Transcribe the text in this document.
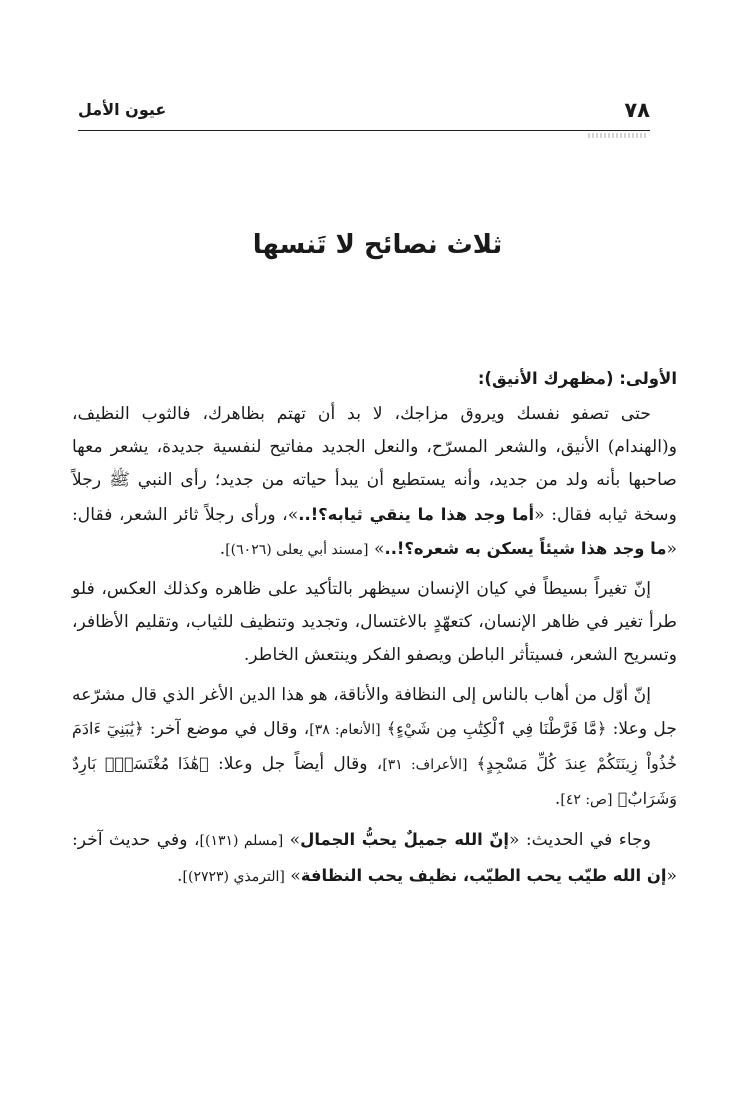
٧٨
عيون الأمل
ثلاث نصائح لا تَنسها
الأولى: (مظهرك الأنيق):

حتى تصفو نفسك ويروق مزاجك، لا بد أن تهتم بظاهرك، فالثوب النظيف، و(الهندام) الأنيق، والشعر المسرّح، والنعل الجديد مفاتيح لنفسية جديدة، يشعر معها صاحبها بأنه ولد من جديد، وأنه يستطيع أن يبدأ حياته من جديد؛ رأى النبي ﷺ رجلاً وسخة ثيابه فقال: «أما وجد هذا ما ينقي ثيابه؟!..»، ورأى رجلاً ثائر الشعر، فقال: «ما وجد هذا شيئاً يسكن به شعره؟!..» [مسند أبي يعلى (٦٠٢٦)].

إنّ تغيراً بسيطاً في كيان الإنسان سيظهر بالتأكيد على ظاهره وكذلك العكس، فلو طرأ تغير في ظاهر الإنسان، كتعهّدٍ بالاغتسال، وتجديد وتنظيف للثياب، وتقليم الأظافر، وتسريح الشعر، فسيتأثر الباطن ويصفو الفكر وينتعش الخاطر.

إنّ أوّل من أهاب بالناس إلى النظافة والأناقة، هو هذا الدين الأغر الذي قال مشرّعه جل وعلا: ﴿مَّا فَرَّطْنَا فِي ٱلْكِتَٰبِ مِن شَيْءٍ﴾ [الأنعام: ٣٨]، وقال في موضع آخر: ﴿يَٰبَنِيٓ ءَادَمَ خُذُواْ زِينَتَكُمْ عِندَ كُلِّ مَسْجِدٍ﴾ [الأعراف: ٣١]، وقال أيضاً جل وعلا: ﴿هَٰذَا مُغْتَسَلٌۢ بَارِدٌ وَشَرَابٌ﴾ [ص: ٤٢].

وجاء في الحديث: «إنّ الله جميلٌ يحبُّ الجمال» [مسلم (١٣١)]، وفي حديث آخر: «إن الله طيّب يحب الطيّب، نظيف يحب النظافة» [الترمذي (٢٧٢٣)].
